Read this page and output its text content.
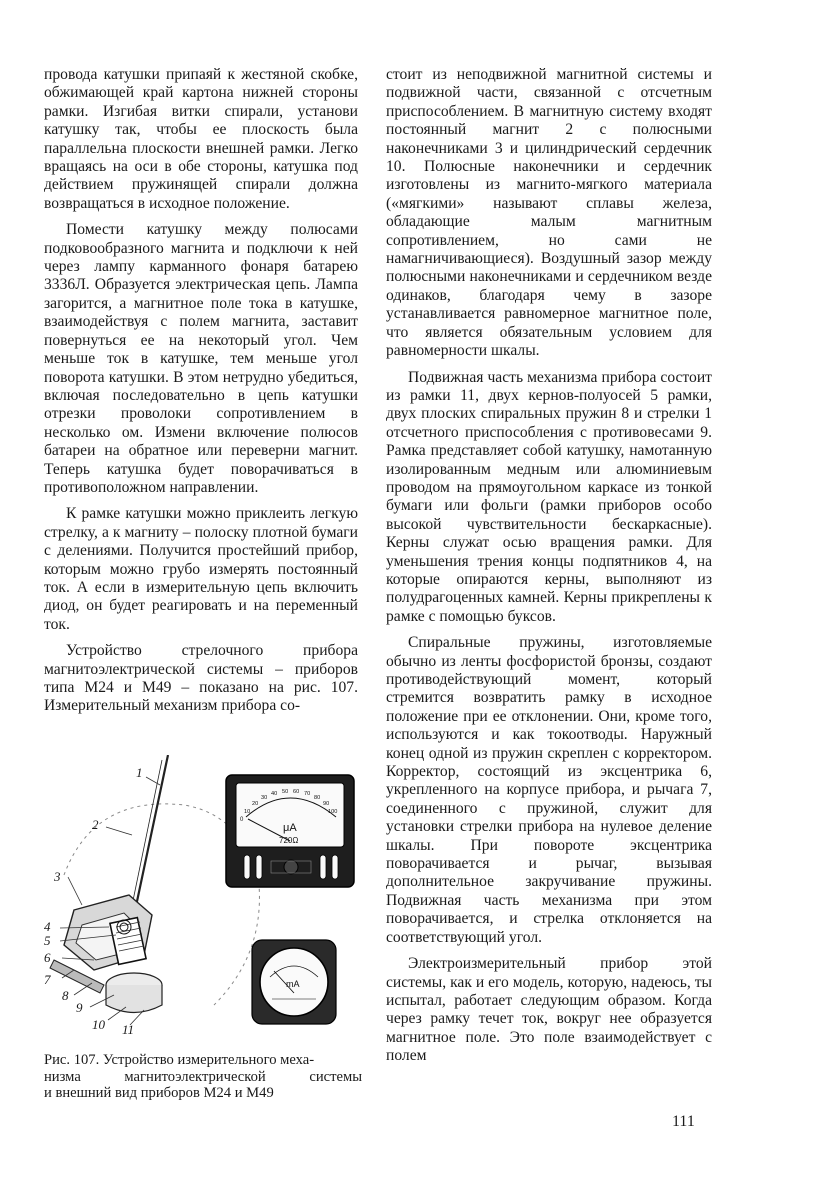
провода катушки припаяй к жестяной скобке, обжимающей край картона нижней стороны рамки. Изгибая витки спирали, установи катушку так, чтобы ее плоскость была параллельна плоскости внешней рамки. Легко вращаясь на оси в обе стороны, катушка под действием пружинящей спирали должна возвращаться в исходное положение.

Помести катушку между полюсами подковообразного магнита и подключи к ней через лампу карманного фонаря батарею 3336Л. Образуется электрическая цепь. Лампа загорится, а магнитное поле тока в катушке, взаимодействуя с полем магнита, заставит повернуться ее на некоторый угол. Чем меньше ток в катушке, тем меньше угол поворота катушки. В этом нетрудно убедиться, включая последовательно в цепь катушки отрезки проволоки сопротивлением в несколько ом. Измени включение полюсов батареи на обратное или переверни магнит. Теперь катушка будет поворачиваться в противоположном направлении.

К рамке катушки можно приклеить легкую стрелку, а к магниту – полоску плотной бумаги с делениями. Получится простейший прибор, которым можно грубо измерять постоянный ток. А если в измерительную цепь включить диод, он будет реагировать и на переменный ток.

Устройство стрелочного прибора магнитоэлектрической системы – приборов типа М24 и М49 – показано на рис. 107. Измерительный механизм прибора со-

1
2
3
4
5
6
7
8
9
10 11
10
20
30
40 50 60 70
80
90
100
0
μA
720Ω
mA
Рис. 107. Устройство измерительного меха-
низма магнитоэлектрической системы
и внешний вид приборов М24 и М49

стоит из неподвижной магнитной системы и подвижной части, связанной с отсчетным приспособлением. В магнитную систему входят постоянный магнит 2 с полюсными наконечниками 3 и цилиндрический сердечник 10. Полюсные наконечники и сердечник изготовлены из магнито-мягкого материала («мягкими» называют сплавы железа, обладающие малым магнитным сопротивлением, но сами не намагничивающиеся). Воздушный зазор между полюсными наконечниками и сердечником везде одинаков, благодаря чему в зазоре устанавливается равномерное магнитное поле, что является обязательным условием для равномерности шкалы.

Подвижная часть механизма прибора состоит из рамки 11, двух кернов-полуосей 5 рамки, двух плоских спиральных пружин 8 и стрелки 1 отсчетного приспособления с противовесами 9. Рамка представляет собой катушку, намотанную изолированным медным или алюминиевым проводом на прямоугольном каркасе из тонкой бумаги или фольги (рамки приборов особо высокой чувствительности бескаркасные). Керны служат осью вращения рамки. Для уменьшения трения концы подпятников 4, на которые опираются керны, выполняют из полудрагоценных камней. Керны прикреплены к рамке с помощью буксов.

Спиральные пружины, изготовляемые обычно из ленты фосфористой бронзы, создают противодействующий момент, который стремится возвратить рамку в исходное положение при ее отклонении. Они, кроме того, используются и как токоотводы. Наружный конец одной из пружин скреплен с корректором. Корректор, состоящий из эксцентрика 6, укрепленного на корпусе прибора, и рычага 7, соединенного с пружиной, служит для установки стрелки прибора на нулевое деление шкалы. При повороте эксцентрика поворачивается и рычаг, вызывая дополнительное закручивание пружины. Подвижная часть механизма при этом поворачивается, и стрелка отклоняется на соответствующий угол.

Электроизмерительный прибор этой системы, как и его модель, которую, надеюсь, ты испытал, работает следующим образом. Когда через рамку течет ток, вокруг нее образуется магнитное поле. Это поле взаимодействует с полем

111
